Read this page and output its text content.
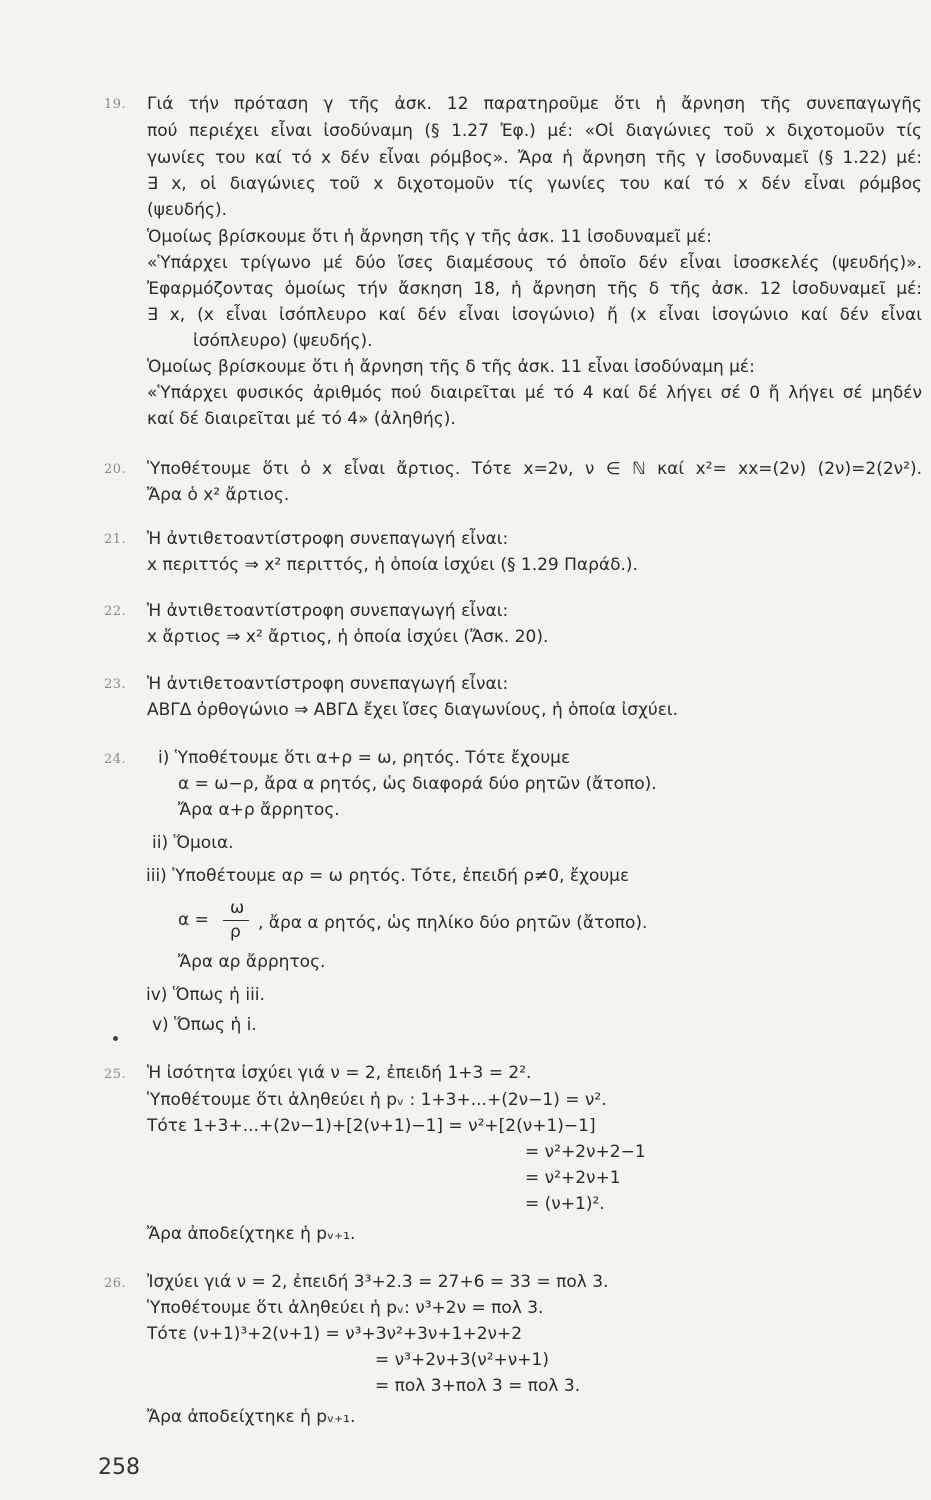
19.	Γιά τήν πρόταση γ τῆς ἀσκ. 12 παρατηροῦμε ὅτι ἡ ἄρνηση τῆς συνεπαγωγῆς
πού περιέχει εἶναι ἰσοδύναμη (§ 1.27 Ἐφ.) μέ: «Οἱ διαγώνιες τοῦ x διχοτομοῦν τίς
γωνίες του καί τό x δέν εἶναι ρόμβος». Ἄρα ἡ ἄρνηση τῆς γ ἰσοδυναμεῖ (§ 1.22) μέ:
∃ x, οἱ διαγώνιες τοῦ x διχοτομοῦν τίς γωνίες του καί τό x δέν εἶναι ρόμβος
(ψευδής).
Ὁμοίως βρίσκουμε ὅτι ἡ ἄρνηση τῆς γ τῆς ἀσκ. 11 ἰσοδυναμεῖ μέ:
«Ὑπάρχει τρίγωνο μέ δύο ἴσες διαμέσους τό ὁποῖο δέν εἶναι ἰσοσκελές (ψευδής)».
Ἐφαρμόζοντας ὁμοίως τήν ἄσκηση 18, ἡ ἄρνηση τῆς δ τῆς ἀσκ. 12 ἰσοδυναμεῖ μέ:
∃ x, (x εἶναι ἰσόπλευρο καί δέν εἶναι ἰσογώνιο) ἤ (x εἶναι ἰσογώνιο καί δέν εἶναι
ἰσόπλευρο) (ψευδής).
Ὁμοίως βρίσκουμε ὅτι ἡ ἄρνηση τῆς δ τῆς ἀσκ. 11 εἶναι ἰσοδύναμη μέ:
«Ὑπάρχει φυσικός ἀριθμός πού διαιρεῖται μέ τό 4 καί δέ λήγει σέ 0 ἤ λήγει σέ μηδέν
καί δέ διαιρεῖται μέ τό 4» (ἀληθής).
20.	Ὑποθέτουμε ὅτι ὁ x εἶναι ἄρτιος. Τότε x=2ν, ν ∈ ℕ καί x²= xx=(2ν) (2ν)=2(2ν²).
Ἄρα ὁ x² ἄρτιος.
21.	Ἡ ἀντιθετοαντίστροφη συνεπαγωγή εἶναι:
x περιττός ⇒ x² περιττός, ἡ ὁποία ἰσχύει (§ 1.29 Παράδ.).
22.	Ἡ ἀντιθετοαντίστροφη συνεπαγωγή εἶναι:
x ἄρτιος ⇒ x² ἄρτιος, ἡ ὁποία ἰσχύει (Ἄσκ. 20).
23.	Ἡ ἀντιθετοαντίστροφη συνεπαγωγή εἶναι:
ΑΒΓΔ ὀρθογώνιο ⇒ ΑΒΓΔ ἔχει ἴσες διαγωνίους, ἡ ὁποία ἰσχύει.
24.	i) Ὑποθέτουμε ὅτι α+ρ = ω, ρητός. Τότε ἔχουμε
α = ω−ρ, ἄρα α ρητός, ὡς διαφορά δύο ρητῶν (ἄτοπο).
Ἄρα α+ρ ἄρρητος.
ii) Ὅμοια.
iii) Ὑποθέτουμε αρ = ω ρητός. Τότε, ἐπειδή ρ≠0, ἔχουμε
α =
ω
ρ , ἄρα α ρητός, ὡς πηλίκο δύο ρητῶν (ἄτοπο).
Ἄρα αρ ἄρρητος.
iv) Ὅπως ἡ iii.
v) Ὅπως ἡ i.
25.	Ἡ ἰσότητα ἰσχύει γιά ν = 2, ἐπειδή 1+3 = 2².
Ὑποθέτουμε ὅτι ἀληθεύει ἡ pᵥ : 1+3+...+(2ν−1) = ν².
Τότε 1+3+...+(2ν−1)+[2(ν+1)−1] = ν²+[2(ν+1)−1]
= ν²+2ν+2−1
= ν²+2ν+1
= (ν+1)².
Ἄρα ἀποδείχτηκε ἡ pᵥ₊₁.
26.	Ἰσχύει γιά ν = 2, ἐπειδή 3³+2.3 = 27+6 = 33 = πολ 3.
Ὑποθέτουμε ὅτι ἀληθεύει ἡ pᵥ: ν³+2ν = πολ 3.
Τότε (ν+1)³+2(ν+1) = ν³+3ν²+3ν+1+2ν+2
= ν³+2ν+3(ν²+ν+1)
= πολ 3+πολ 3 = πολ 3.
Ἄρα ἀποδείχτηκε ἡ pᵥ₊₁.
258
